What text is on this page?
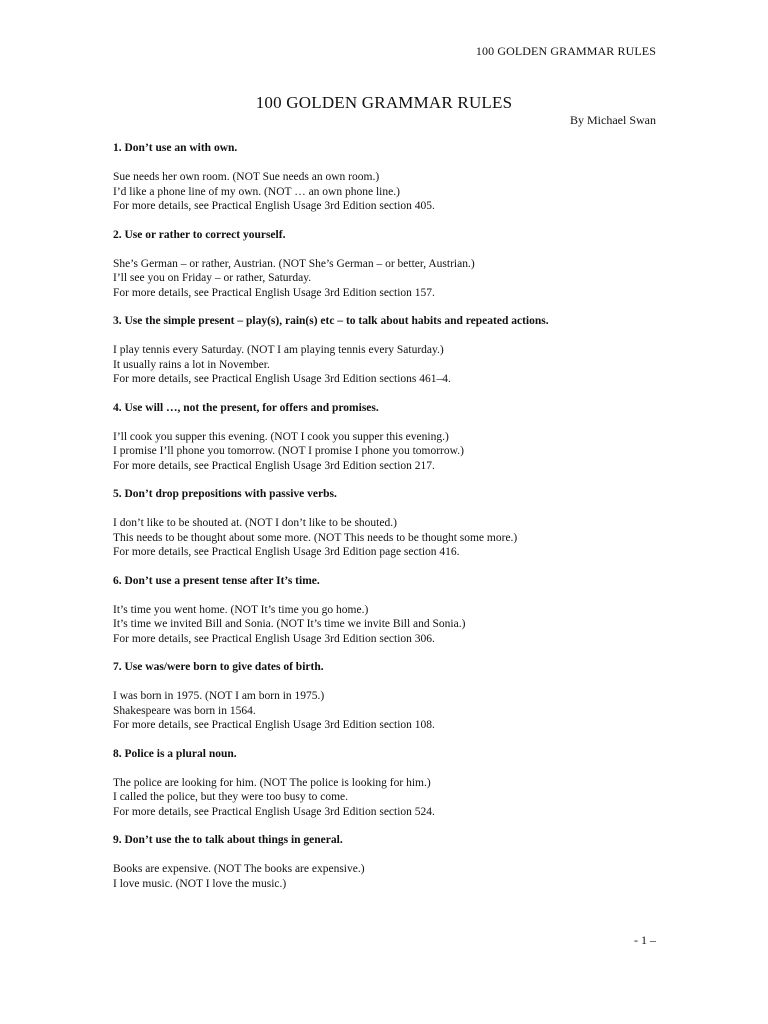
100 GOLDEN GRAMMAR RULES
100 GOLDEN GRAMMAR RULES
By Michael Swan
1. Don’t use an with own.
Sue needs her own room. (NOT Sue needs an own room.)
I’d like a phone line of my own. (NOT … an own phone line.)
For more details, see Practical English Usage 3rd Edition section 405.
2. Use or rather to correct yourself.
She’s German – or rather, Austrian. (NOT She’s German – or better, Austrian.)
I’ll see you on Friday – or rather, Saturday.
For more details, see Practical English Usage 3rd Edition section 157.
3. Use the simple present – play(s), rain(s) etc – to talk about habits and repeated actions.
I play tennis every Saturday. (NOT I am playing tennis every Saturday.)
It usually rains a lot in November.
For more details, see Practical English Usage 3rd Edition sections 461–4.
4. Use will …, not the present, for offers and promises.
I’ll cook you supper this evening. (NOT I cook you supper this evening.)
I promise I’ll phone you tomorrow. (NOT I promise I phone you tomorrow.)
For more details, see Practical English Usage 3rd Edition section 217.
5. Don’t drop prepositions with passive verbs.
I don’t like to be shouted at. (NOT I don’t like to be shouted.)
This needs to be thought about some more. (NOT This needs to be thought some more.)
For more details, see Practical English Usage 3rd Edition page section 416.
6. Don’t use a present tense after It’s time.
It’s time you went home. (NOT It’s time you go home.)
It’s time we invited Bill and Sonia. (NOT It’s time we invite Bill and Sonia.)
For more details, see Practical English Usage 3rd Edition section 306.
7. Use was/were born to give dates of birth.
I was born in 1975. (NOT I am born in 1975.)
Shakespeare was born in 1564.
For more details, see Practical English Usage 3rd Edition section 108.
8. Police is a plural noun.
The police are looking for him. (NOT The police is looking for him.)
I called the police, but they were too busy to come.
For more details, see Practical English Usage 3rd Edition section 524.
9. Don’t use the to talk about things in general.
Books are expensive. (NOT The books are expensive.)
I love music. (NOT I love the music.)
- 1 –
